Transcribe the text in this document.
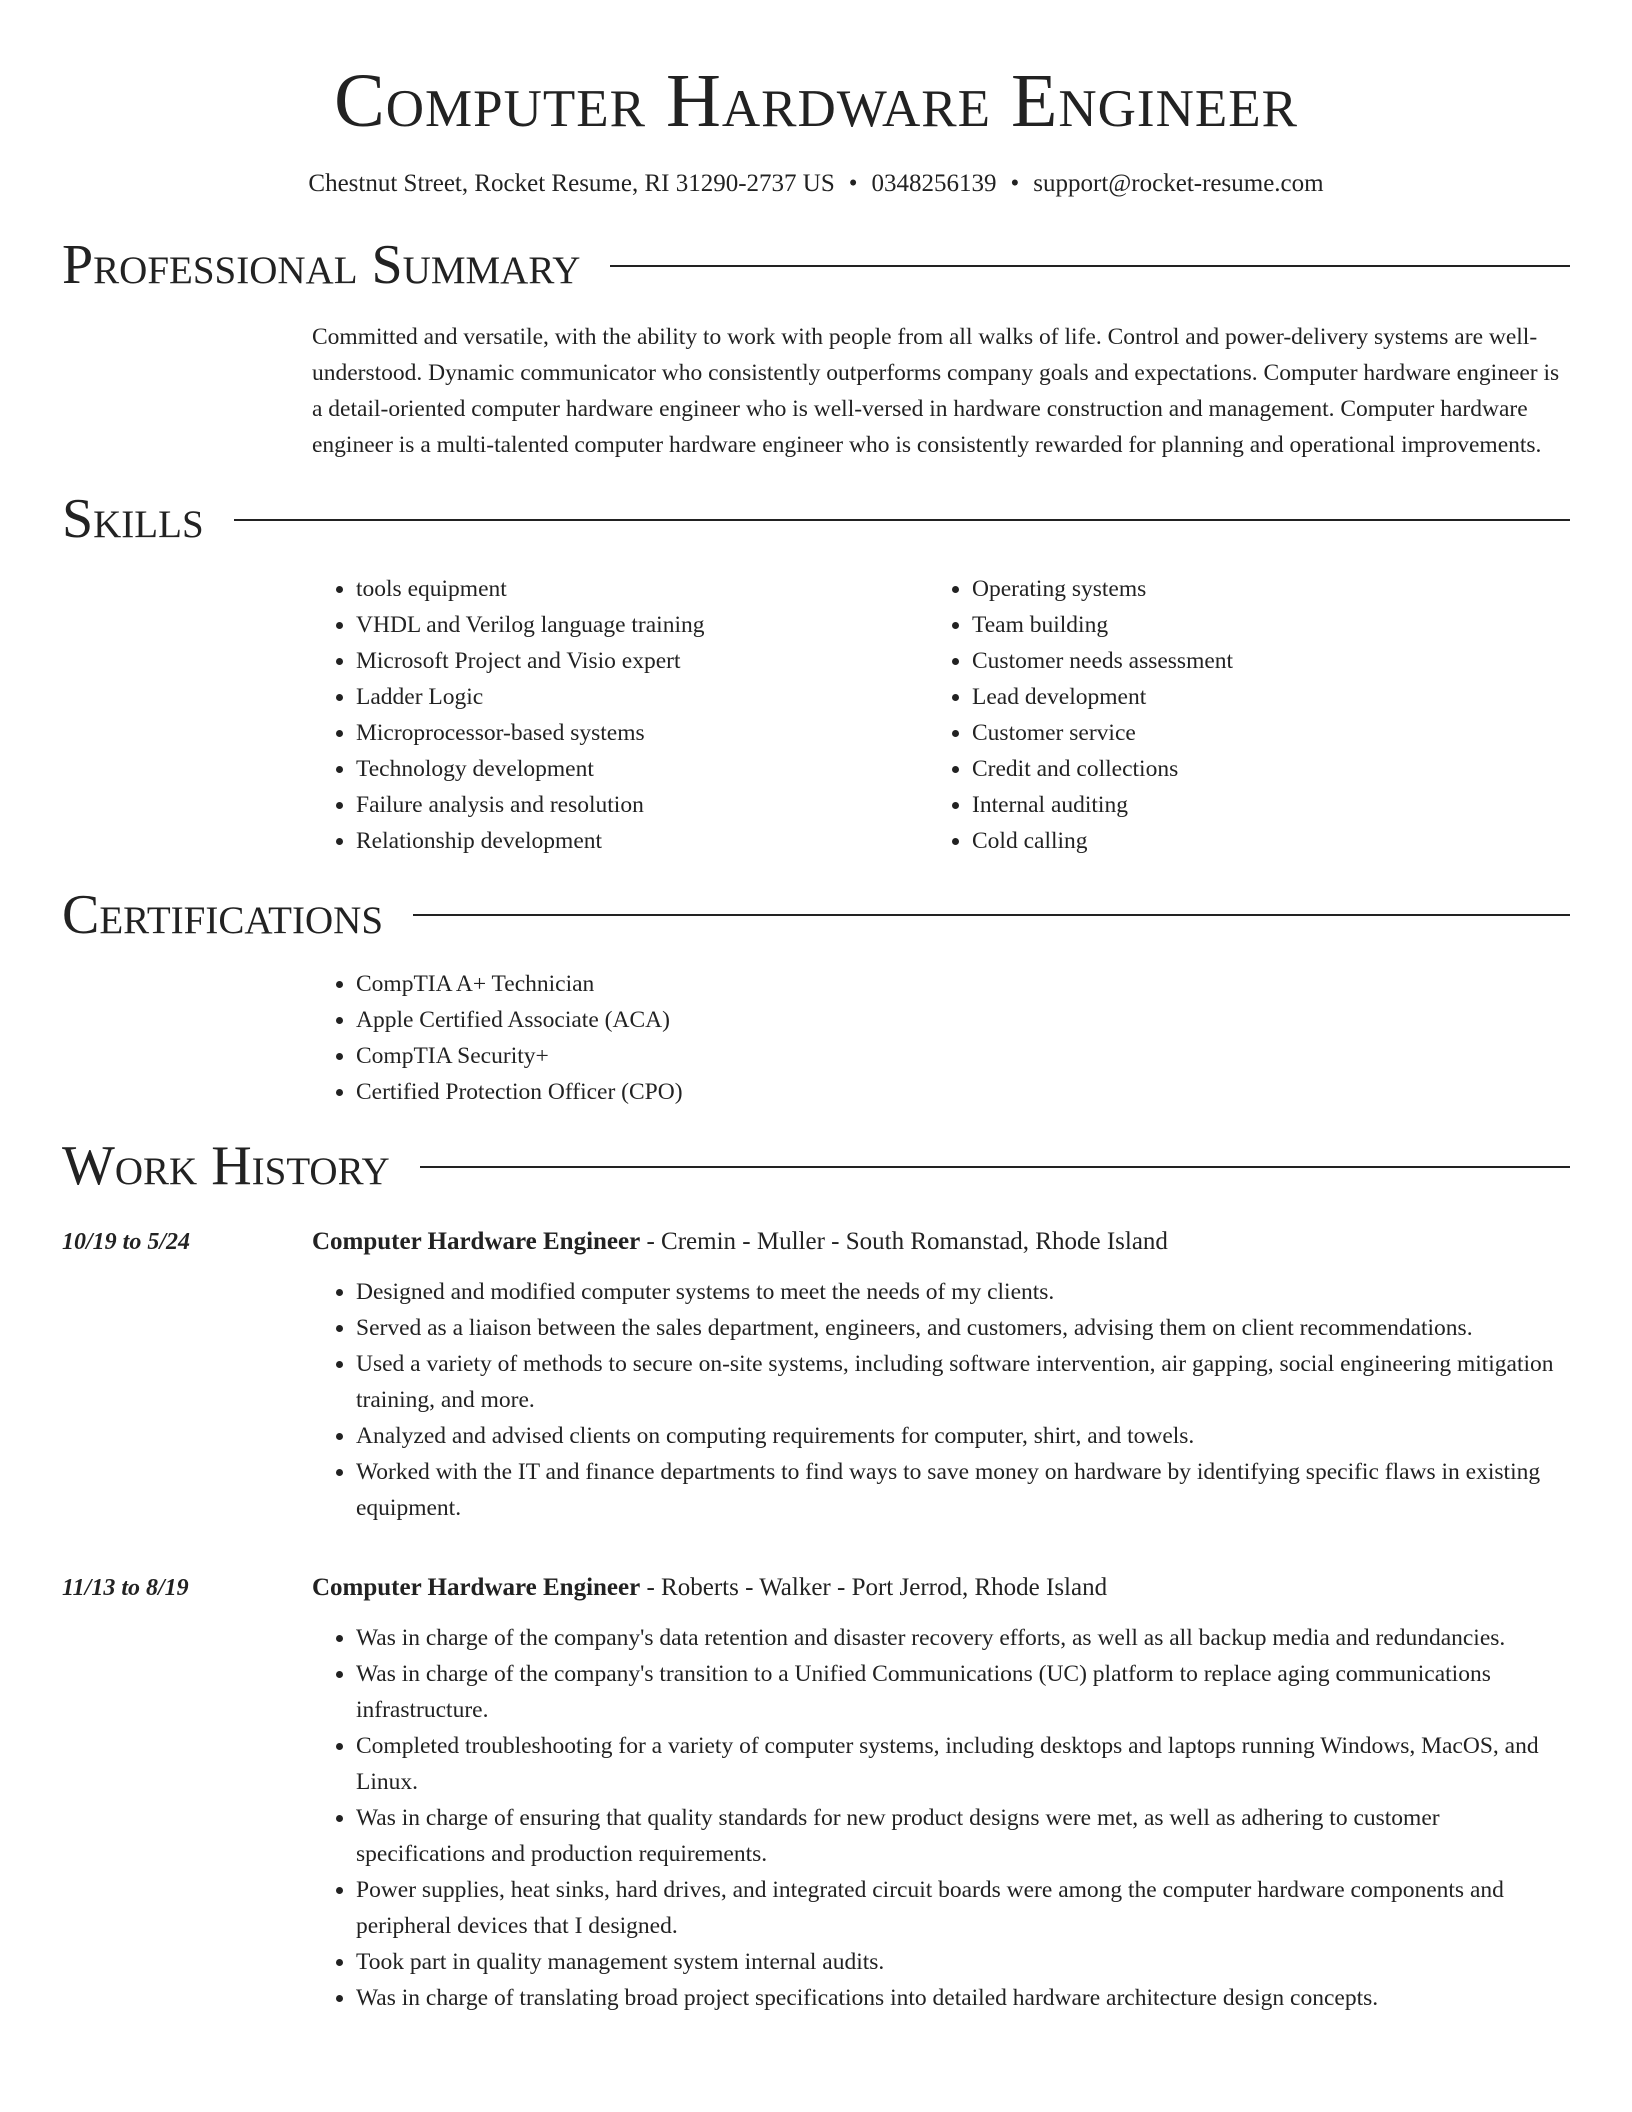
Computer Hardware Engineer
Chestnut Street, Rocket Resume, RI 31290-2737 US • 0348256139 • support@rocket-resume.com
Professional Summary
Committed and versatile, with the ability to work with people from all walks of life. Control and power-delivery systems are well-understood. Dynamic communicator who consistently outperforms company goals and expectations. Computer hardware engineer is a detail-oriented computer hardware engineer who is well-versed in hardware construction and management. Computer hardware engineer is a multi-talented computer hardware engineer who is consistently rewarded for planning and operational improvements.
Skills
• tools equipment
• VHDL and Verilog language training
• Microsoft Project and Visio expert
• Ladder Logic
• Microprocessor-based systems
• Technology development
• Failure analysis and resolution
• Relationship development
• Operating systems
• Team building
• Customer needs assessment
• Lead development
• Customer service
• Credit and collections
• Internal auditing
• Cold calling
Certifications
• CompTIA A+ Technician
• Apple Certified Associate (ACA)
• CompTIA Security+
• Certified Protection Officer (CPO)
Work History
10/19 to 5/24	Computer Hardware Engineer - Cremin - Muller - South Romanstad, Rhode Island
• Designed and modified computer systems to meet the needs of my clients.
• Served as a liaison between the sales department, engineers, and customers, advising them on client recommendations.
• Used a variety of methods to secure on-site systems, including software intervention, air gapping, social engineering mitigation training, and more.
• Analyzed and advised clients on computing requirements for computer, shirt, and towels.
• Worked with the IT and finance departments to find ways to save money on hardware by identifying specific flaws in existing equipment.
11/13 to 8/19	Computer Hardware Engineer - Roberts - Walker - Port Jerrod, Rhode Island
• Was in charge of the company's data retention and disaster recovery efforts, as well as all backup media and redundancies.
• Was in charge of the company's transition to a Unified Communications (UC) platform to replace aging communications infrastructure.
• Completed troubleshooting for a variety of computer systems, including desktops and laptops running Windows, MacOS, and Linux.
• Was in charge of ensuring that quality standards for new product designs were met, as well as adhering to customer specifications and production requirements.
• Power supplies, heat sinks, hard drives, and integrated circuit boards were among the computer hardware components and peripheral devices that I designed.
• Took part in quality management system internal audits.
• Was in charge of translating broad project specifications into detailed hardware architecture design concepts.
